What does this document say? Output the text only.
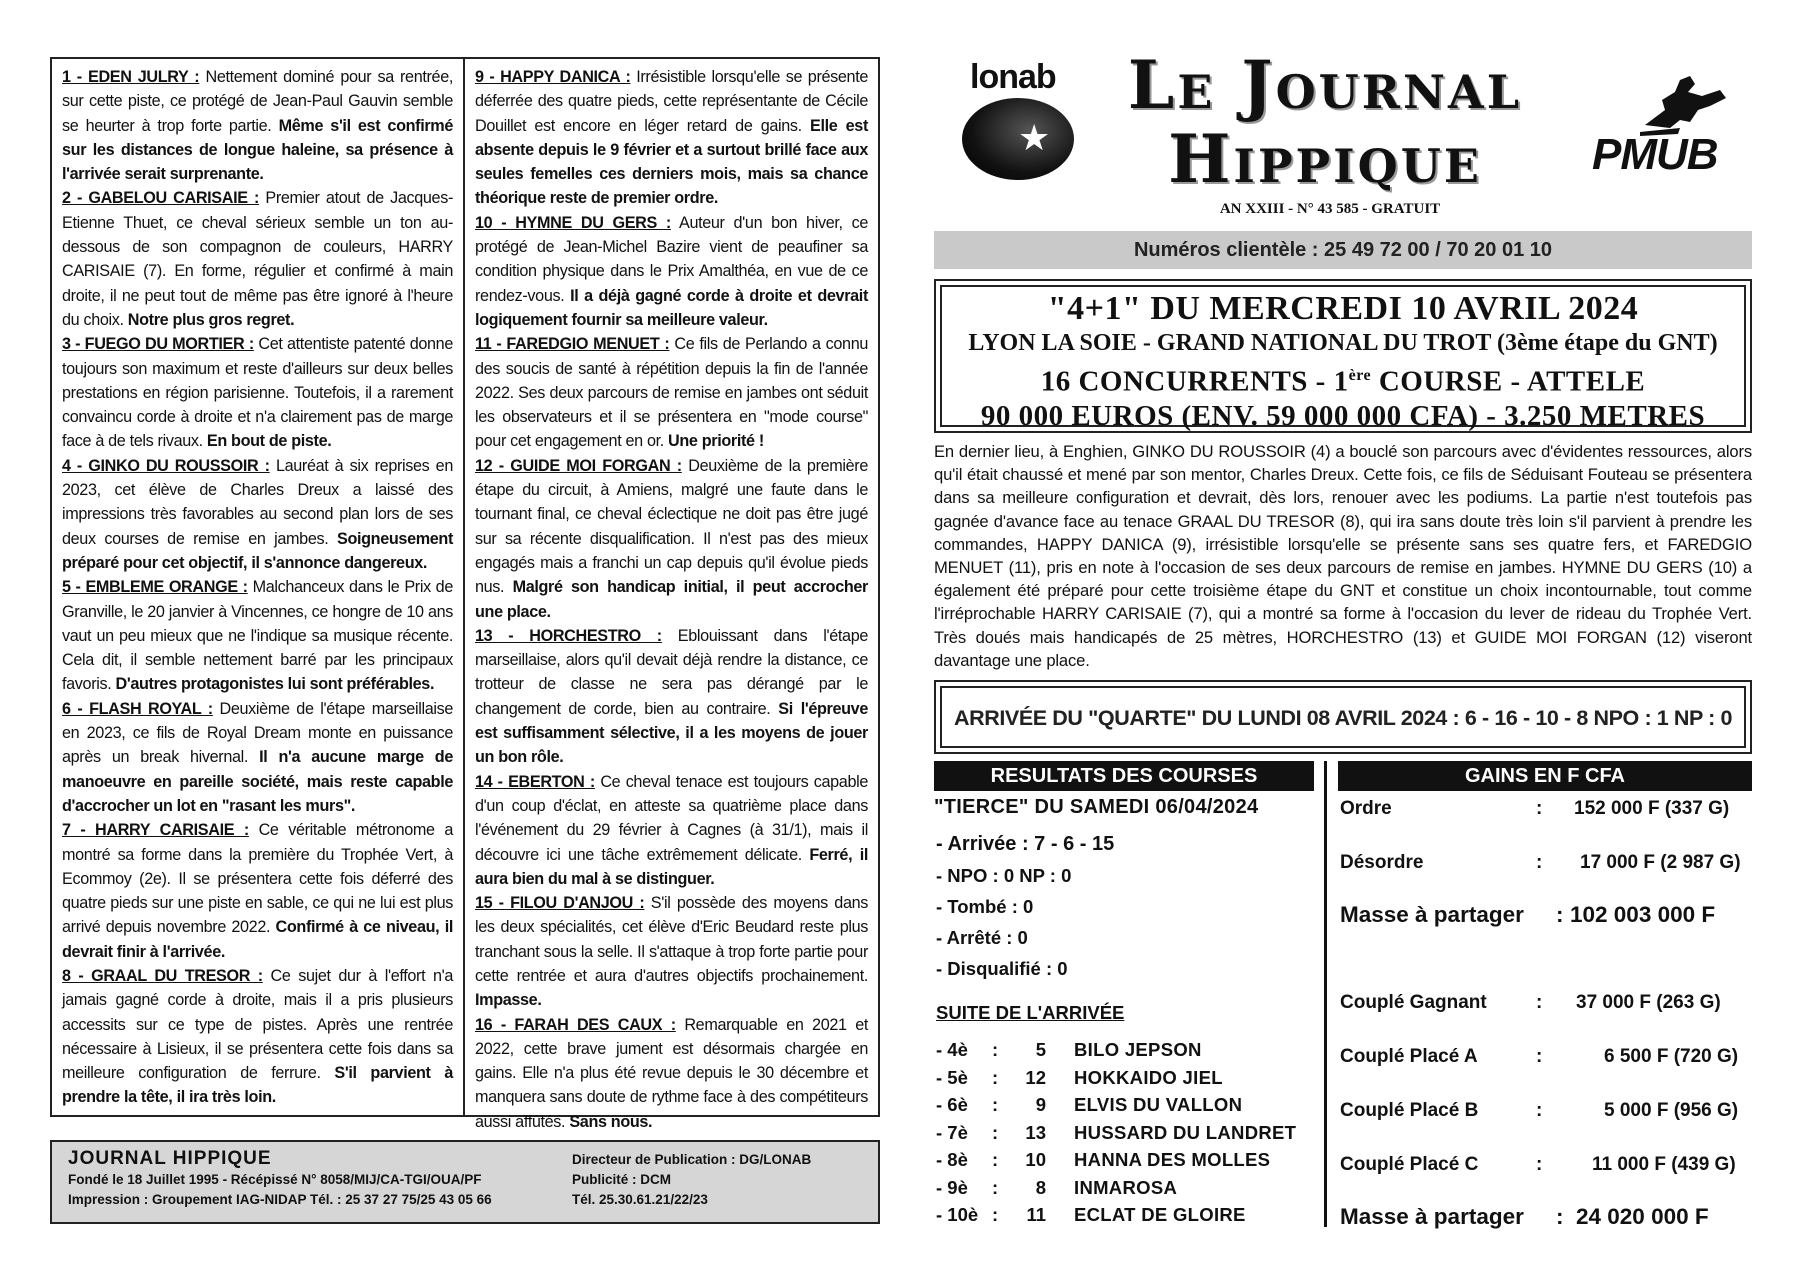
1 - EDEN JULRY : Nettement dominé pour sa rentrée, sur cette piste, ce protégé de Jean-Paul Gauvin semble se heurter à trop forte partie. Même s'il est confirmé sur les distances de longue haleine, sa présence à l'arrivée serait surprenante.

2 - GABELOU CARISAIE : Premier atout de Jacques-Etienne Thuet, ce cheval sérieux semble un ton au-dessous de son compagnon de couleurs, HARRY CARISAIE (7). En forme, régulier et confirmé à main droite, il ne peut tout de même pas être ignoré à l'heure du choix. Notre plus gros regret.

3 - FUEGO DU MORTIER : Cet attentiste patenté donne toujours son maximum et reste d'ailleurs sur deux belles prestations en région parisienne. Toutefois, il a rarement convaincu corde à droite et n'a clairement pas de marge face à de tels rivaux. En bout de piste.

4 - GINKO DU ROUSSOIR : Lauréat à six reprises en 2023, cet élève de Charles Dreux a laissé des impressions très favorables au second plan lors de ses deux courses de remise en jambes. Soigneusement préparé pour cet objectif, il s'annonce dangereux.

5 - EMBLEME ORANGE : Malchanceux dans le Prix de Granville, le 20 janvier à Vincennes, ce hongre de 10 ans vaut un peu mieux que ne l'indique sa musique récente. Cela dit, il semble nettement barré par les principaux favoris. D'autres protagonistes lui sont préférables.

6 - FLASH ROYAL : Deuxième de l'étape marseillaise en 2023, ce fils de Royal Dream monte en puissance après un break hivernal. Il n'a aucune marge de manoeuvre en pareille société, mais reste capable d'accrocher un lot en "rasant les murs".

7 - HARRY CARISAIE : Ce véritable métronome a montré sa forme dans la première du Trophée Vert, à Ecommoy (2e). Il se présentera cette fois déferré des quatre pieds sur une piste en sable, ce qui ne lui est plus arrivé depuis novembre 2022. Confirmé à ce niveau, il devrait finir à l'arrivée.

8 - GRAAL DU TRESOR : Ce sujet dur à l'effort n'a jamais gagné corde à droite, mais il a pris plusieurs accessits sur ce type de pistes. Après une rentrée nécessaire à Lisieux, il se présentera cette fois dans sa meilleure configuration de ferrure. S'il parvient à prendre la tête, il ira très loin.

9 - HAPPY DANICA : Irrésistible lorsqu'elle se présente déferrée des quatre pieds, cette représentante de Cécile Douillet est encore en léger retard de gains. Elle est absente depuis le 9 février et a surtout brillé face aux seules femelles ces derniers mois, mais sa chance théorique reste de premier ordre.

10 - HYMNE DU GERS : Auteur d'un bon hiver, ce protégé de Jean-Michel Bazire vient de peaufiner sa condition physique dans le Prix Amalthéa, en vue de ce rendez-vous. Il a déjà gagné corde à droite et devrait logiquement fournir sa meilleure valeur.

11 - FAREDGIO MENUET : Ce fils de Perlando a connu des soucis de santé à répétition depuis la fin de l'année 2022. Ses deux parcours de remise en jambes ont séduit les observateurs et il se présentera en "mode course" pour cet engagement en or. Une priorité !

12 - GUIDE MOI FORGAN : Deuxième de la première étape du circuit, à Amiens, malgré une faute dans le tournant final, ce cheval éclectique ne doit pas être jugé sur sa récente disqualification. Il n'est pas des mieux engagés mais a franchi un cap depuis qu'il évolue pieds nus. Malgré son handicap initial, il peut accrocher une place.

13 - HORCHESTRO : Eblouissant dans l'étape marseillaise, alors qu'il devait déjà rendre la distance, ce trotteur de classe ne sera pas dérangé par le changement de corde, bien au contraire. Si l'épreuve est suffisamment sélective, il a les moyens de jouer un bon rôle.

14 - EBERTON : Ce cheval tenace est toujours capable d'un coup d'éclat, en atteste sa quatrième place dans l'événement du 29 février à Cagnes (à 31/1), mais il découvre ici une tâche extrêmement délicate. Ferré, il aura bien du mal à se distinguer.

15 - FILOU D'ANJOU : S'il possède des moyens dans les deux spécialités, cet élève d'Eric Beudard reste plus tranchant sous la selle. Il s'attaque à trop forte partie pour cette rentrée et aura d'autres objectifs prochainement. Impasse.

16 - FARAH DES CAUX : Remarquable en 2021 et 2022, cette brave jument est désormais chargée en gains. Elle n'a plus été revue depuis le 30 décembre et manquera sans doute de rythme face à des compétiteurs aussi affûtés. Sans nous.

JOURNAL HIPPIQUE
Fondé le 18 Juillet 1995 - Récépissé N° 8058/MIJ/CA-TGI/OUA/PF
Impression : Groupement IAG-NIDAP Tél. : 25 37 27 75/25 43 05 66
Directeur de Publication : DG/LONAB
Publicité : DCM
Tél. 25.30.61.21/22/23
lonab
★
Le Journal
Hippique
AN XXIII - N° 43 585 - GRATUIT
PMUB
Numéros clientèle : 25 49 72 00 / 70 20 01 10
"4+1" DU MERCREDI 10 AVRIL 2024
LYON LA SOIE - GRAND NATIONAL DU TROT (3ème étape du GNT)
16 CONCURRENTS - 1ère COURSE - ATTELE
90 000 EUROS (ENV. 59 000 000 CFA) - 3.250 METRES
En dernier lieu, à Enghien, GINKO DU ROUSSOIR (4) a bouclé son parcours avec d'évidentes ressources, alors qu'il était chaussé et mené par son mentor, Charles Dreux. Cette fois, ce fils de Séduisant Fouteau se présentera dans sa meilleure configuration et devrait, dès lors, renouer avec les podiums. La partie n'est toutefois pas gagnée d'avance face au tenace GRAAL DU TRESOR (8), qui ira sans doute très loin s'il parvient à prendre les commandes, HAPPY DANICA (9), irrésistible lorsqu'elle se présente sans ses quatre fers, et FAREDGIO MENUET (11), pris en note à l'occasion de ses deux parcours de remise en jambes. HYMNE DU GERS (10) a également été préparé pour cette troisième étape du GNT et constitue un choix incontournable, tout comme l'irréprochable HARRY CARISAIE (7), qui a montré sa forme à l'occasion du lever de rideau du Trophée Vert. Très doués mais handicapés de 25 mètres, HORCHESTRO (13) et GUIDE MOI FORGAN (12) viseront davantage une place.
ARRIVÉE DU "QUARTE" DU LUNDI 08 AVRIL 2024 : 6 - 16 - 10 - 8 NPO : 1 NP : 0
RESULTATS DES COURSES	GAINS EN F CFA
"TIERCE" DU SAMEDI 06/04/2024
- Arrivée : 7 - 6 - 15
- NPO : 0 NP : 0
- Tombé : 0
- Arrêté : 0
- Disqualifié : 0
SUITE DE L'ARRIVÉE
- 4è	:	5 BILO JEPSON
- 5è	:	12 HOKKAIDO JIEL
- 6è	:	9 ELVIS DU VALLON
- 7è	:	13 HUSSARD DU LANDRET
- 8è	:	10 HANNA DES MOLLES
- 9è	:	8 INMAROSA
- 10è :	11 ECLAT DE GLOIRE
Ordre	:	152 000 F (337 G)
Désordre	:	17 000 F (2 987 G)
Masse à partager	: 102 003 000 F
Couplé Gagnant	:	37 000 F (263 G)
Couplé Placé A	:	6 500 F (720 G)
Couplé Placé B	:	5 000 F (956 G)
Couplé Placé C	:	11 000 F (439 G)
Masse à partager	: 24 020 000 F
